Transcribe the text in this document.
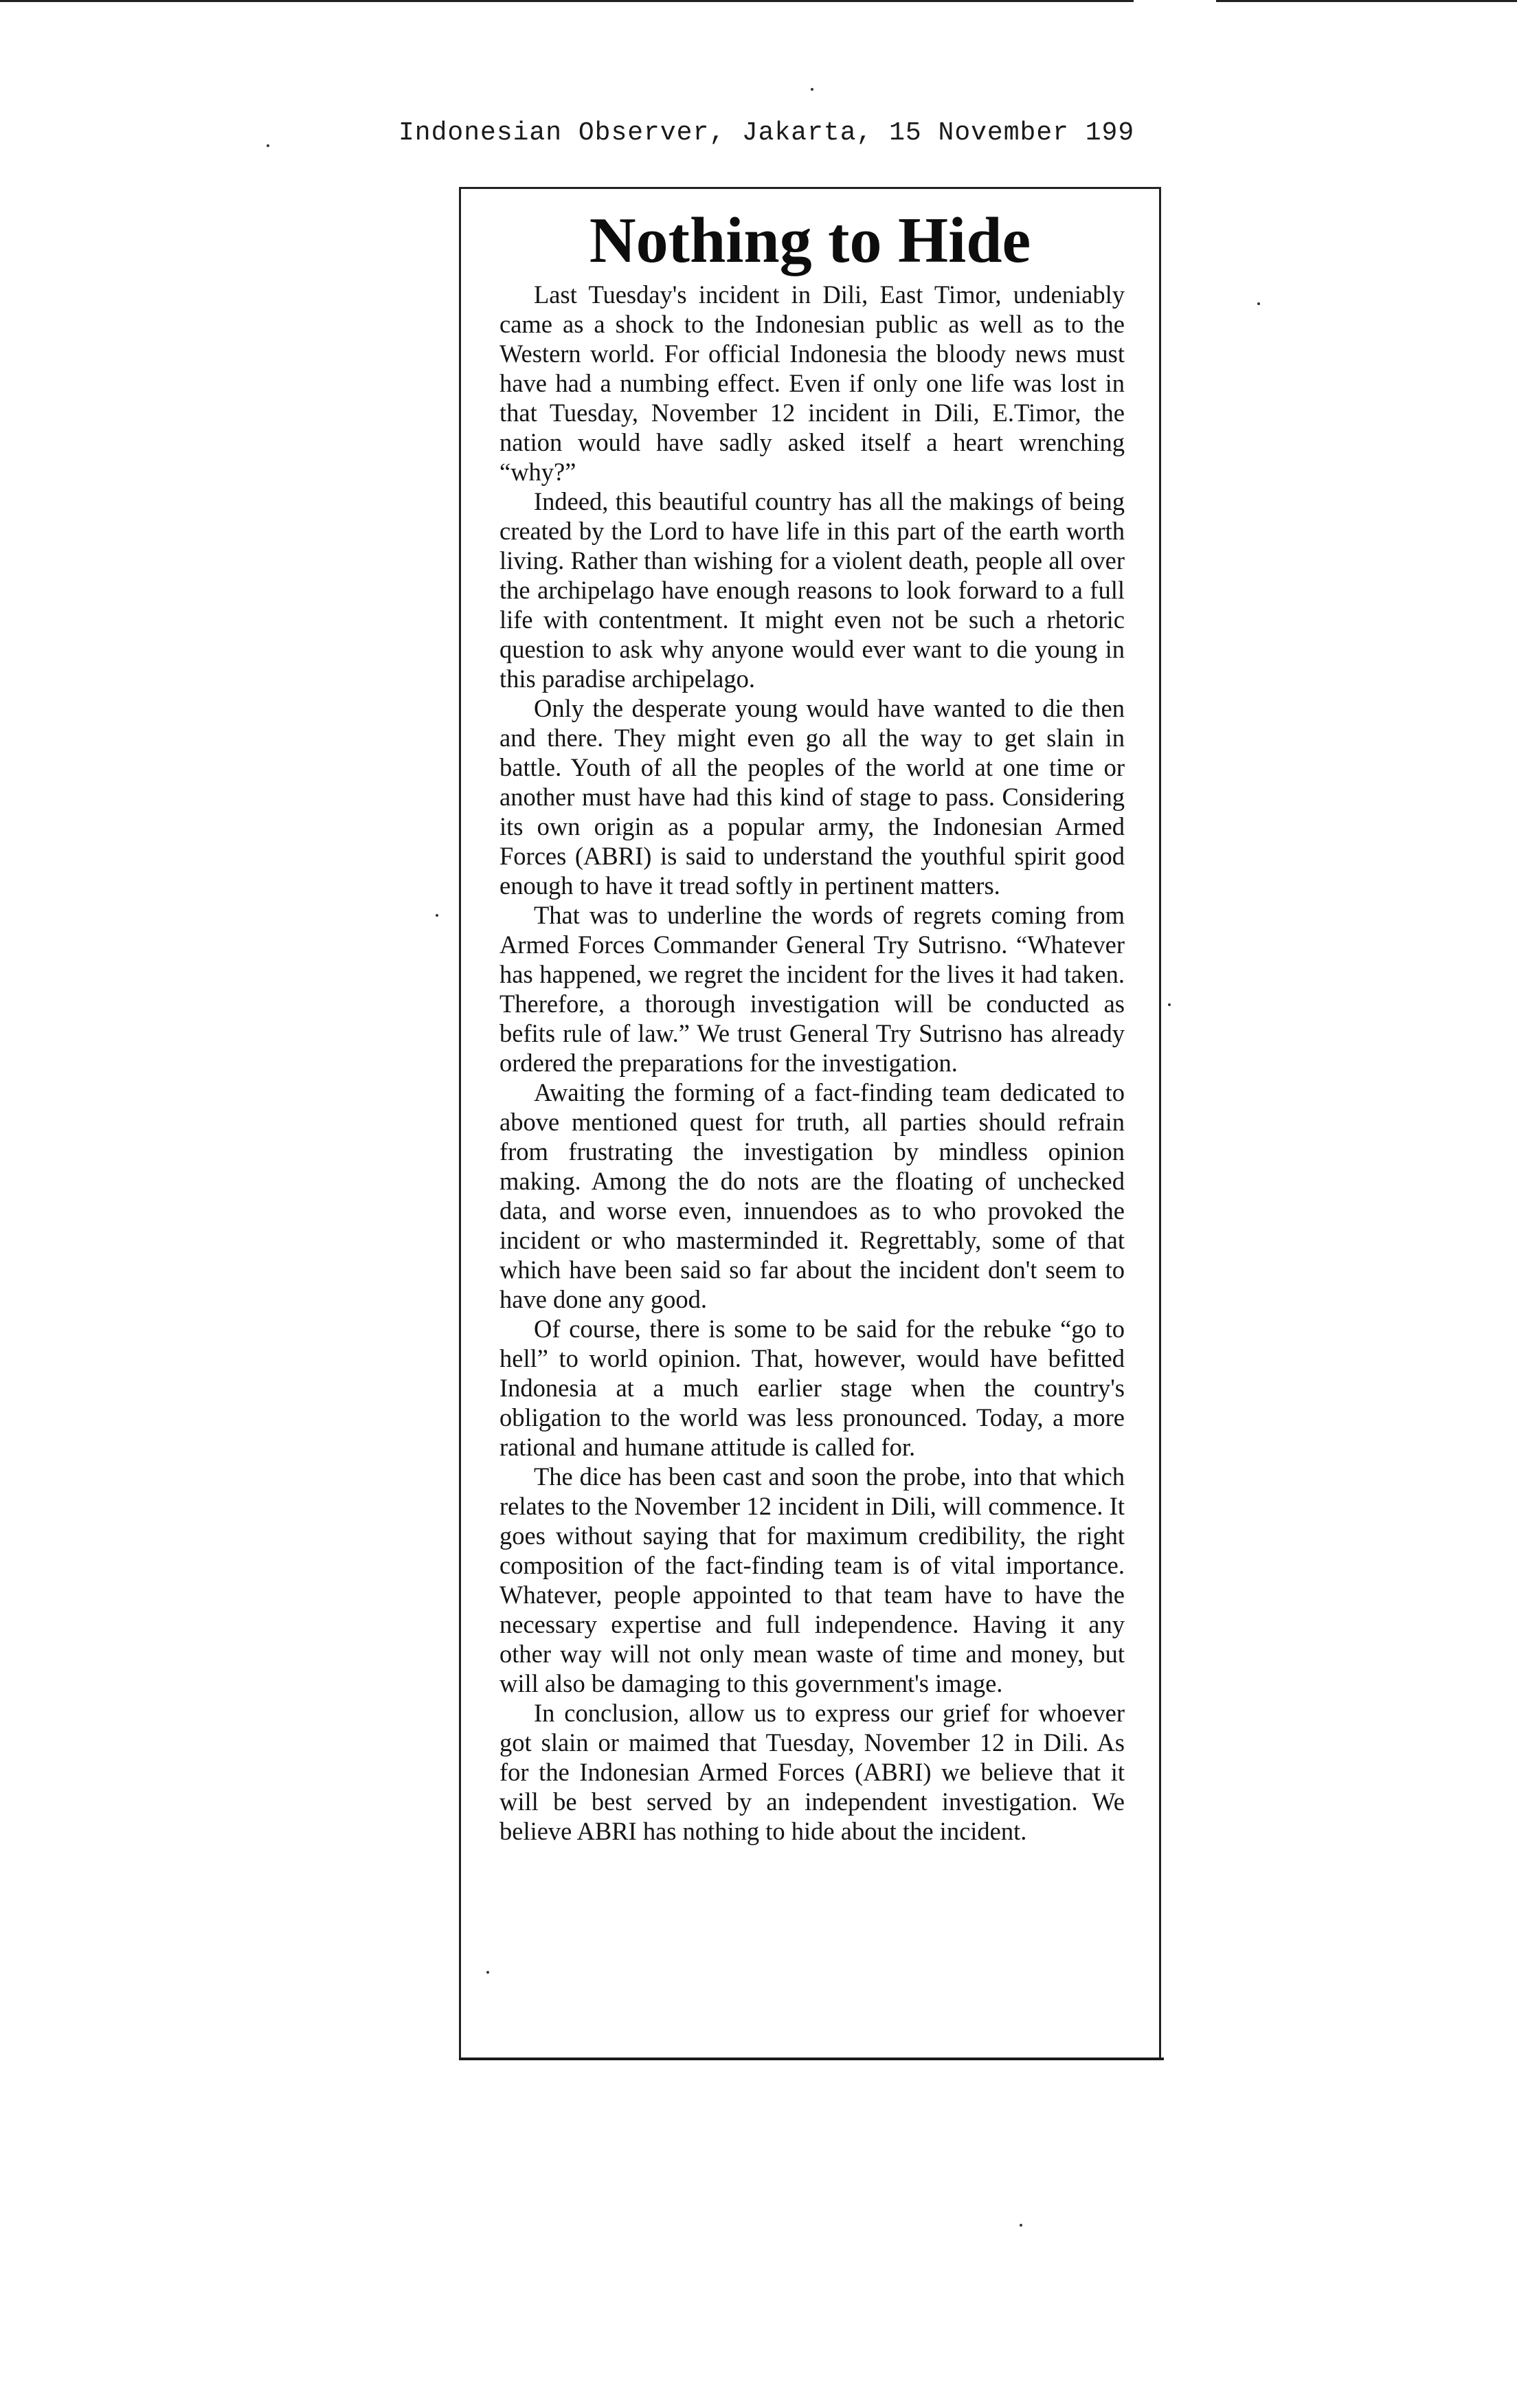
Indonesian Observer, Jakarta, 15 November 199
Nothing to Hide

Last Tuesday's incident in Dili, East Timor, undeniably came as a shock to the Indonesian public as well as to the Western world. For official Indonesia the bloody news must have had a numbing effect. Even if only one life was lost in that Tuesday, November 12 incident in Dili, E.Timor, the nation would have sadly asked itself a heart wrenching “why?”

Indeed, this beautiful country has all the makings of being created by the Lord to have life in this part of the earth worth living. Rather than wishing for a violent death, people all over the archipelago have enough reasons to look forward to a full life with contentment. It might even not be such a rhetoric question to ask why anyone would ever want to die young in this paradise archipelago.

Only the desperate young would have wanted to die then and there. They might even go all the way to get slain in battle. Youth of all the peoples of the world at one time or another must have had this kind of stage to pass. Considering its own origin as a popular army, the Indonesian Armed Forces (ABRI) is said to understand the youthful spirit good enough to have it tread softly in pertinent matters.

That was to underline the words of regrets coming from Armed Forces Commander General Try Sutrisno. “Whatever has happened, we regret the incident for the lives it had taken. Therefore, a thorough investigation will be conducted as befits rule of law.” We trust General Try Sutrisno has already ordered the preparations for the investigation.

Awaiting the forming of a fact-finding team dedicated to above mentioned quest for truth, all parties should refrain from frustrating the investigation by mindless opinion making. Among the do nots are the floating of unchecked data, and worse even, innuendoes as to who provoked the incident or who masterminded it. Regrettably, some of that which have been said so far about the incident don't seem to have done any good.

Of course, there is some to be said for the rebuke “go to hell” to world opinion. That, however, would have befitted Indonesia at a much earlier stage when the country's obligation to the world was less pronounced. Today, a more rational and humane attitude is called for.

The dice has been cast and soon the probe, into that which relates to the November 12 incident in Dili, will commence. It goes without saying that for maximum credibility, the right composition of the fact-finding team is of vital importance. Whatever, people appointed to that team have to have the necessary expertise and full independence. Having it any other way will not only mean waste of time and money, but will also be damaging to this government's image.

In conclusion, allow us to express our grief for whoever got slain or maimed that Tuesday, November 12 in Dili. As for the Indonesian Armed Forces (ABRI) we believe that it will be best served by an independent investigation. We believe ABRI has nothing to hide about the incident.
